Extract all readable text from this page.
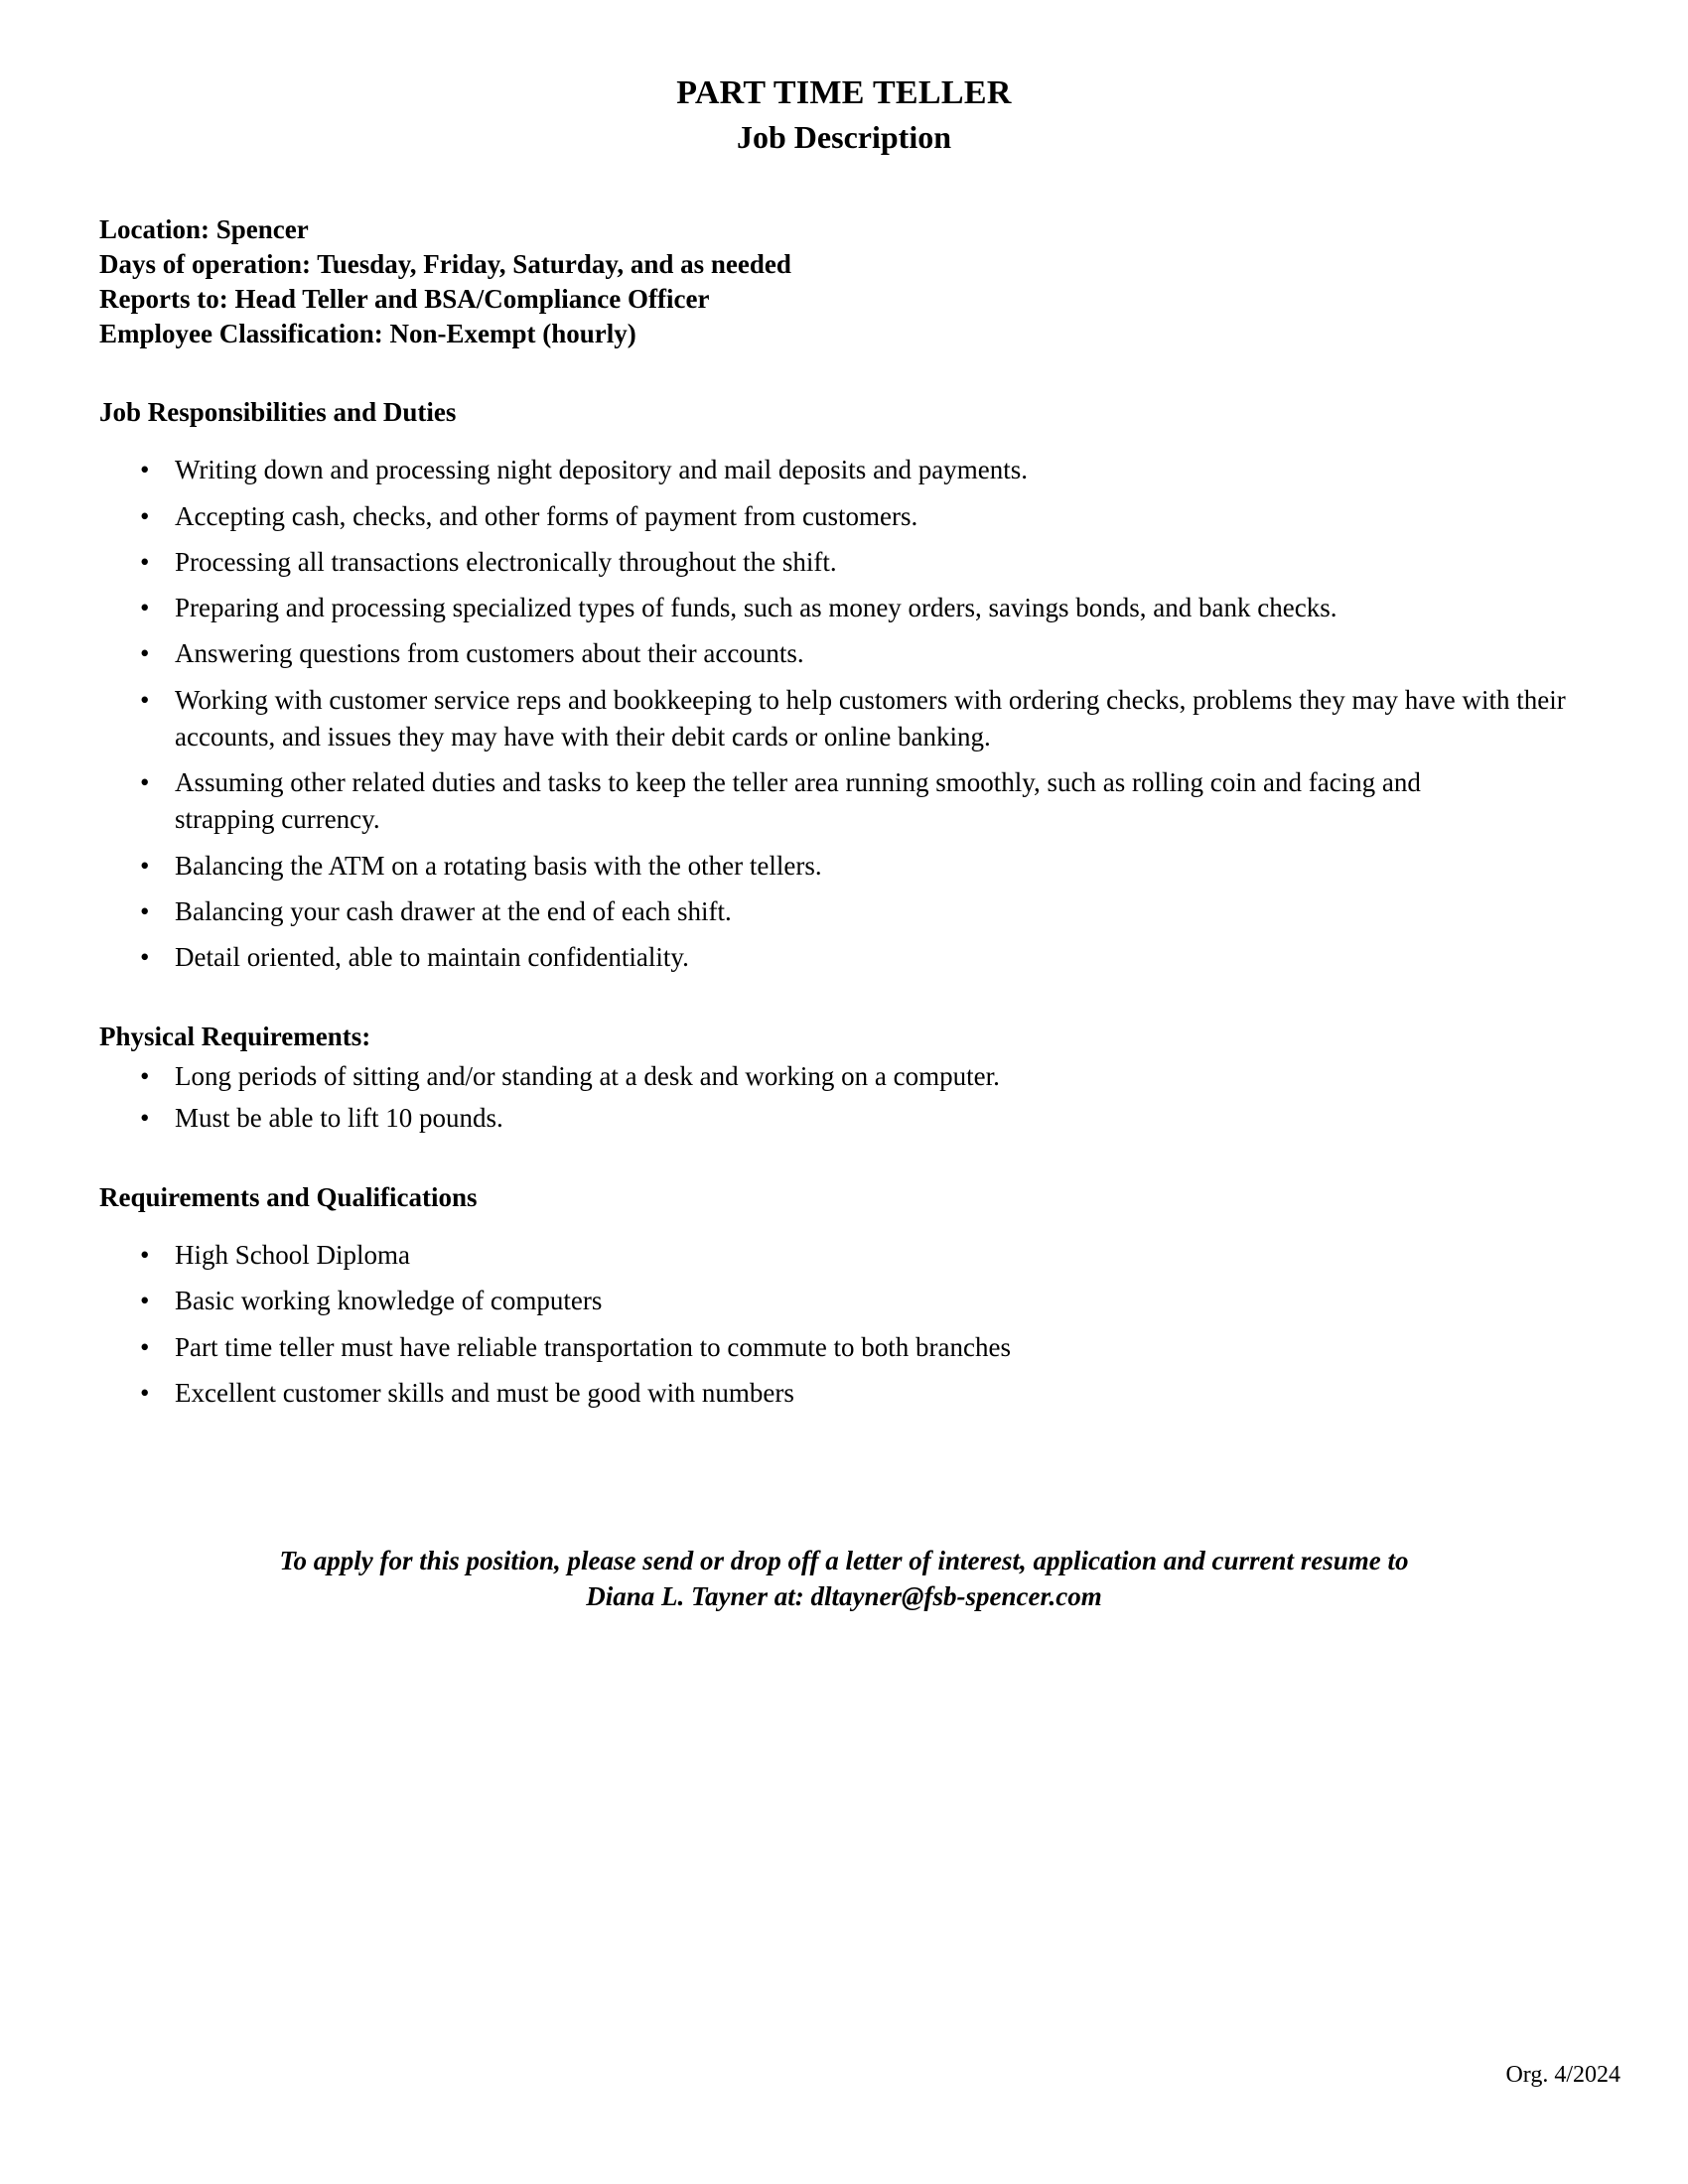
PART TIME TELLER
Job Description
Location: Spencer
Days of operation: Tuesday, Friday, Saturday, and as needed
Reports to: Head Teller and BSA/Compliance Officer
Employee Classification: Non-Exempt (hourly)
Job Responsibilities and Duties
• Writing down and processing night depository and mail deposits and payments.
• Accepting cash, checks, and other forms of payment from customers.
• Processing all transactions electronically throughout the shift.
• Preparing and processing specialized types of funds, such as money orders, savings bonds, and bank checks.
• Answering questions from customers about their accounts.
• Working with customer service reps and bookkeeping to help customers with ordering checks, problems they may have with their accounts, and issues they may have with their debit cards or online banking.
• Assuming other related duties and tasks to keep the teller area running smoothly, such as rolling coin and facing and strapping currency.
• Balancing the ATM on a rotating basis with the other tellers.
• Balancing your cash drawer at the end of each shift.
• Detail oriented, able to maintain confidentiality.
Physical Requirements:
• Long periods of sitting and/or standing at a desk and working on a computer.
• Must be able to lift 10 pounds.
Requirements and Qualifications
• High School Diploma
• Basic working knowledge of computers
• Part time teller must have reliable transportation to commute to both branches
• Excellent customer skills and must be good with numbers
To apply for this position, please send or drop off a letter of interest, application and current resume to
Diana L. Tayner at: dltayner@fsb-spencer.com
Org. 4/2024
